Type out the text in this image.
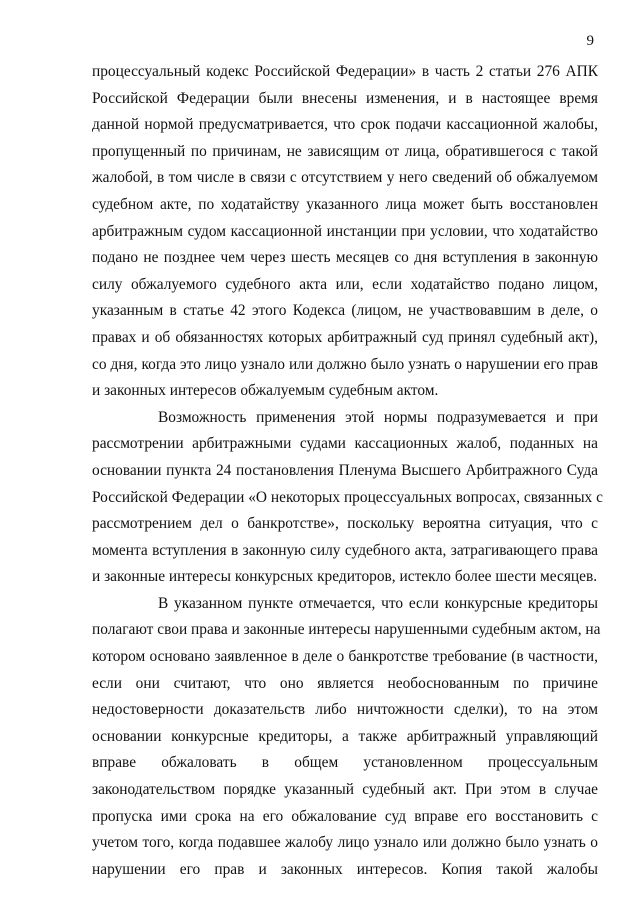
9
процессуальный кодекс Российской Федерации» в часть 2 статьи 276 АПК
Российской Федерации были внесены изменения, и в настоящее время
данной нормой предусматривается, что срок подачи кассационной жалобы,
пропущенный по причинам, не зависящим от лица, обратившегося с такой
жалобой, в том числе в связи с отсутствием у него сведений об обжалуемом
судебном акте, по ходатайству указанного лица может быть восстановлен
арбитражным судом кассационной инстанции при условии, что ходатайство
подано не позднее чем через шесть месяцев со дня вступления в законную
силу обжалуемого судебного акта или, если ходатайство подано лицом,
указанным в статье 42 этого Кодекса (лицом, не участвовавшим в деле, о
правах и об обязанностях которых арбитражный суд принял судебный акт),
со дня, когда это лицо узнало или должно было узнать о нарушении его прав
и законных интересов обжалуемым судебным актом.
Возможность применения этой нормы подразумевается и при
рассмотрении арбитражными судами кассационных жалоб, поданных на
основании пункта 24 постановления Пленума Высшего Арбитражного Суда
Российской Федерации «О некоторых процессуальных вопросах, связанных с
рассмотрением дел о банкротстве», поскольку вероятна ситуация, что с
момента вступления в законную силу судебного акта, затрагивающего права
и законные интересы конкурсных кредиторов, истекло более шести месяцев.
В указанном пункте отмечается, что если конкурсные кредиторы
полагают свои права и законные интересы нарушенными судебным актом, на
котором основано заявленное в деле о банкротстве требование (в частности,
если они считают, что оно является необоснованным по причине
недостоверности доказательств либо ничтожности сделки), то на этом
основании конкурсные кредиторы, а также арбитражный управляющий
вправе обжаловать в общем установленном процессуальным
законодательством порядке указанный судебный акт. При этом в случае
пропуска ими срока на его обжалование суд вправе его восстановить с
учетом того, когда подавшее жалобу лицо узнало или должно было узнать о
нарушении его прав и законных интересов. Копия такой жалобы
